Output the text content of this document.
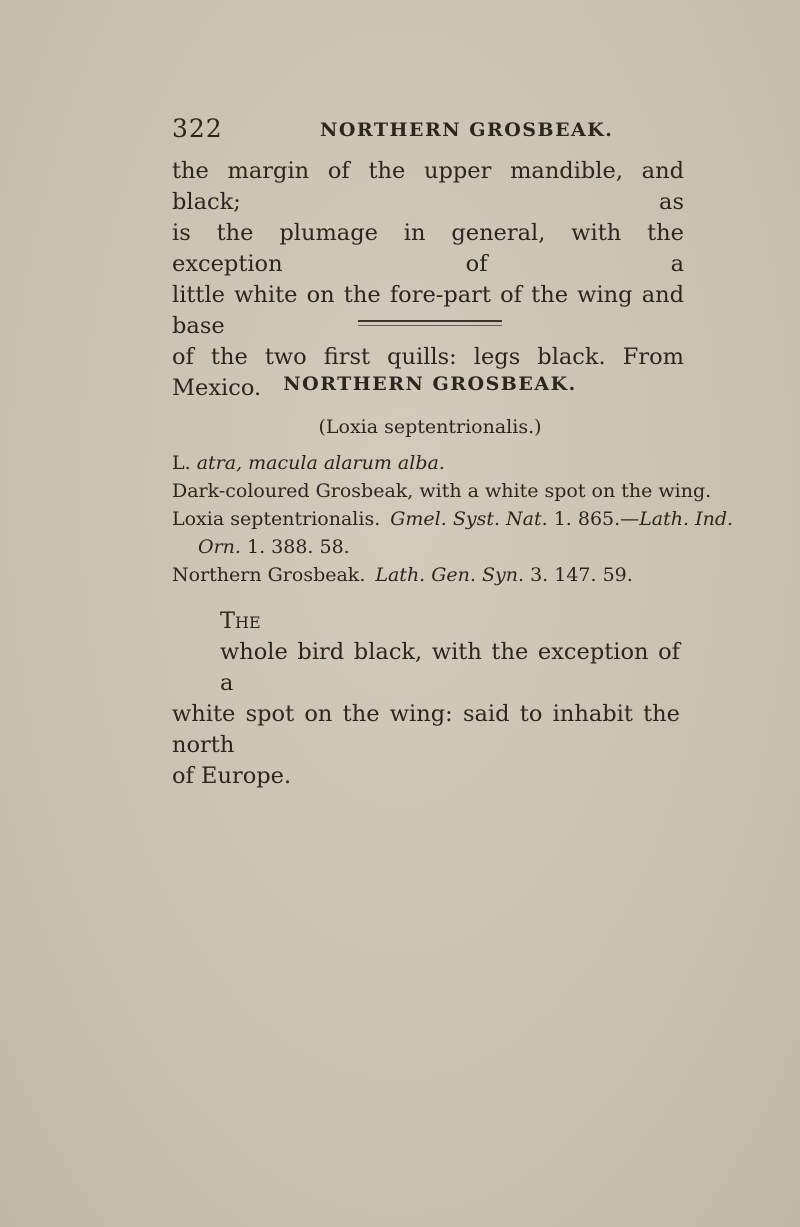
322	NORTHERN GROSBEAK.
the margin of the upper mandible, and black; as
is the plumage in general, with the exception of a
little white on the fore-part of the wing and base
of the two first quills: legs black. From Mexico.	NORTHERN GROSBEAK.
(Loxia septentrionalis.)
L. atra, macula alarum alba.
Dark-coloured Grosbeak, with a white spot on the wing.
Loxia septentrionalis. Gmel. Syst. Nat. 1. 865.—Lath. Ind.
Orn. 1. 388. 58.
Northern Grosbeak. Lath. Gen. Syn. 3. 147. 59.
The
whole bird black, with the exception of a
white spot on the wing: said to inhabit the north
of Europe.
